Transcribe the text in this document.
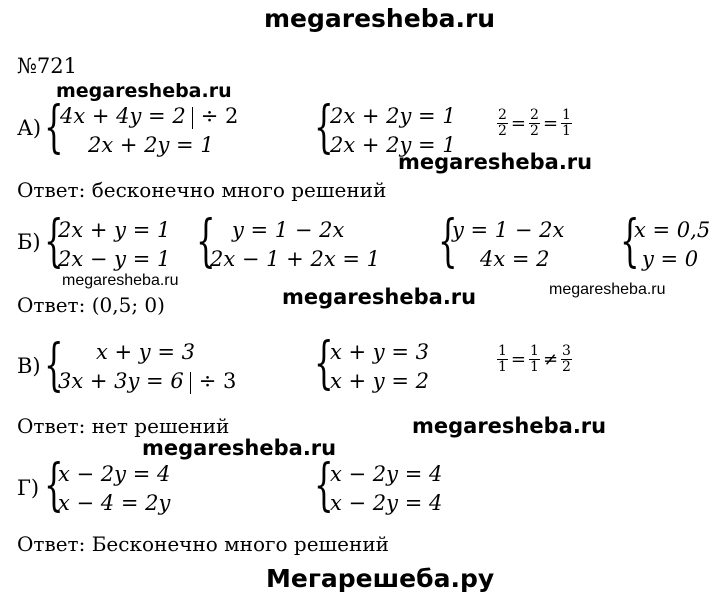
megaresheba.ru
№721
megaresheba.ru
А) {
4x + 4y = 2 ÷ 2
2x + 2y = 1	{
2x + 2y = 1
2x + 2y = 1
$\frac{2}{2} = \frac{2}{2} = \frac{1}{1}$
megaresheba.ru
Ответ: бесконечно много решений
Б) {
2x + y = 1
2x − y = 1 { y = 1 − 2x
2x − 1 + 2x = 1 {
y = 1 − 2x
4x = 2 {
x = 0,5
y = 0
megaresheba.ru
Ответ: (0,5; 0)	megaresheba.ru	megaresheba.ru
В) {	x + y = 3
3x + 3y = 6 ÷ 3 {
x + y = 3
x + y = 2
$\frac{1}{1} = \frac{1}{1} \ne \frac{3}{2}$
Ответ: нет решений	megaresheba.ru
megaresheba.ru
Г) {
x − 2y = 4
x − 4 = 2y	{
x − 2y = 4
x − 2y = 4
Ответ: Бесконечно много решений
Мегарешеба.ру
